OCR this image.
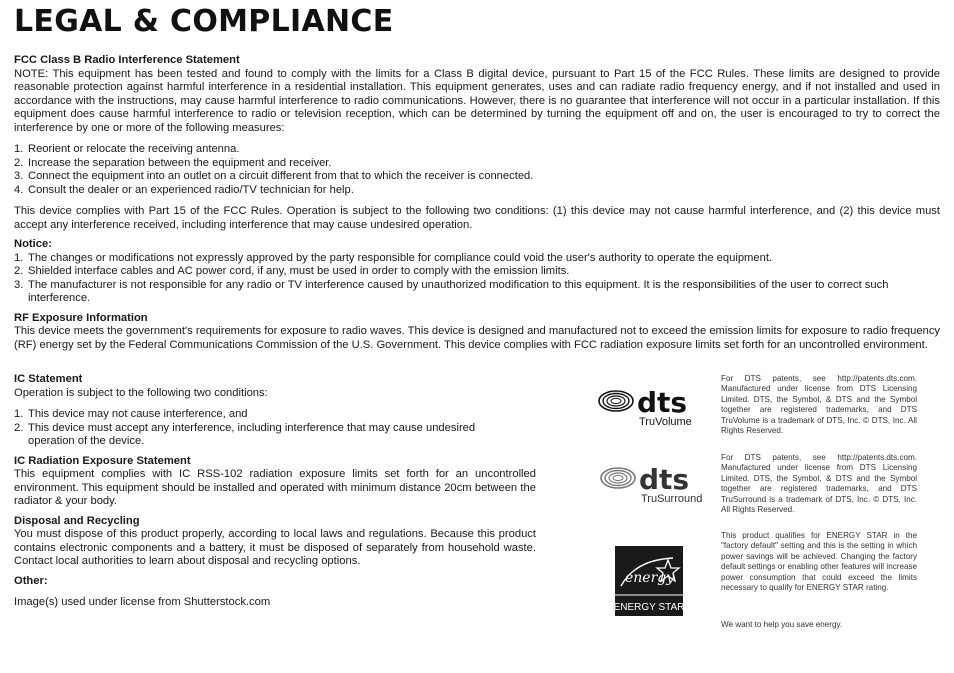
LEGAL & COMPLIANCE

FCC Class B Radio Interference Statement

NOTE: This equipment has been tested and found to comply with the limits for a Class B digital device, pursuant to Part 15 of the FCC Rules. These limits are designed to provide reasonable protection against harmful interference in a residential installation. This equipment generates, uses and can radiate radio frequency energy, and if not installed and used in accordance with the instructions, may cause harmful interference to radio communications. However, there is no guarantee that interference will not occur in a particular installation. If this equipment does cause harmful interference to radio or television reception, which can be determined by turning the equipment off and on, the user is encouraged to try to correct the interference by one or more of the following measures:

1. Reorient or relocate the receiving antenna.
2. Increase the separation between the equipment and receiver.
3. Connect the equipment into an outlet on a circuit different from that to which the receiver is connected.
4. Consult the dealer or an experienced radio/TV technician for help.

This device complies with Part 15 of the FCC Rules. Operation is subject to the following two conditions: (1) this device may not cause harmful interference, and (2) this device must accept any interference received, including interference that may cause undesired operation.

Notice:

1. The changes or modifications not expressly approved by the party responsible for compliance could void the user's authority to operate the equipment.
2. Shielded interface cables and AC power cord, if any, must be used in order to comply with the emission limits.
3. The manufacturer is not responsible for any radio or TV interference caused by unauthorized modification to this equipment. It is the responsibilities of the user to correct such interference.

RF Exposure Information

This device meets the government's requirements for exposure to radio waves. This device is designed and manufactured not to exceed the emission limits for exposure to radio frequency (RF) energy set by the Federal Communications Commission of the U.S. Government. This device complies with FCC radiation exposure limits set forth for an uncontrolled environment.

IC Statement

Operation is subject to the following two conditions:

1. This device may not cause interference, and
2. This device must accept any interference, including interference that may cause undesired operation of the device.

IC Radiation Exposure Statement

This equipment complies with IC RSS-102 radiation exposure limits set forth for an uncontrolled environment. This equipment should be installed and operated with minimum distance 20cm between the radiator & your body.

Disposal and Recycling

You must dispose of this product properly, according to local laws and regulations. Because this product contains electronic components and a battery, it must be disposed of separately from household waste. Contact local authorities to learn about disposal and recycling options.

Other:

Image(s) used under license from Shutterstock.com

dts
TruVolume
For DTS patents, see http://patents.dts.com. Manufactured under license from DTS Licensing Limited. DTS, the Symbol, & DTS and the Symbol together are registered trademarks, and DTS TruVolume is a trademark of DTS, Inc. © DTS, Inc. All Rights Reserved.
dts
TruSurround
For DTS patents, see http://patents.dts.com. Manufactured under license from DTS Licensing Limited. DTS, the Symbol, & DTS and the Symbol together are registered trademarks, and DTS TruSurround is a trademark of DTS, Inc. © DTS, Inc. All Rights Reserved.
energy
ENERGY STAR
This product qualifies for ENERGY STAR in the "factory default" setting and this is the setting in which power savings will be achieved. Changing the factory default settings or enabling other features will increase power consumption that could exceed the limits necessary to qualify for ENERGY STAR rating.
We want to help you save energy.
